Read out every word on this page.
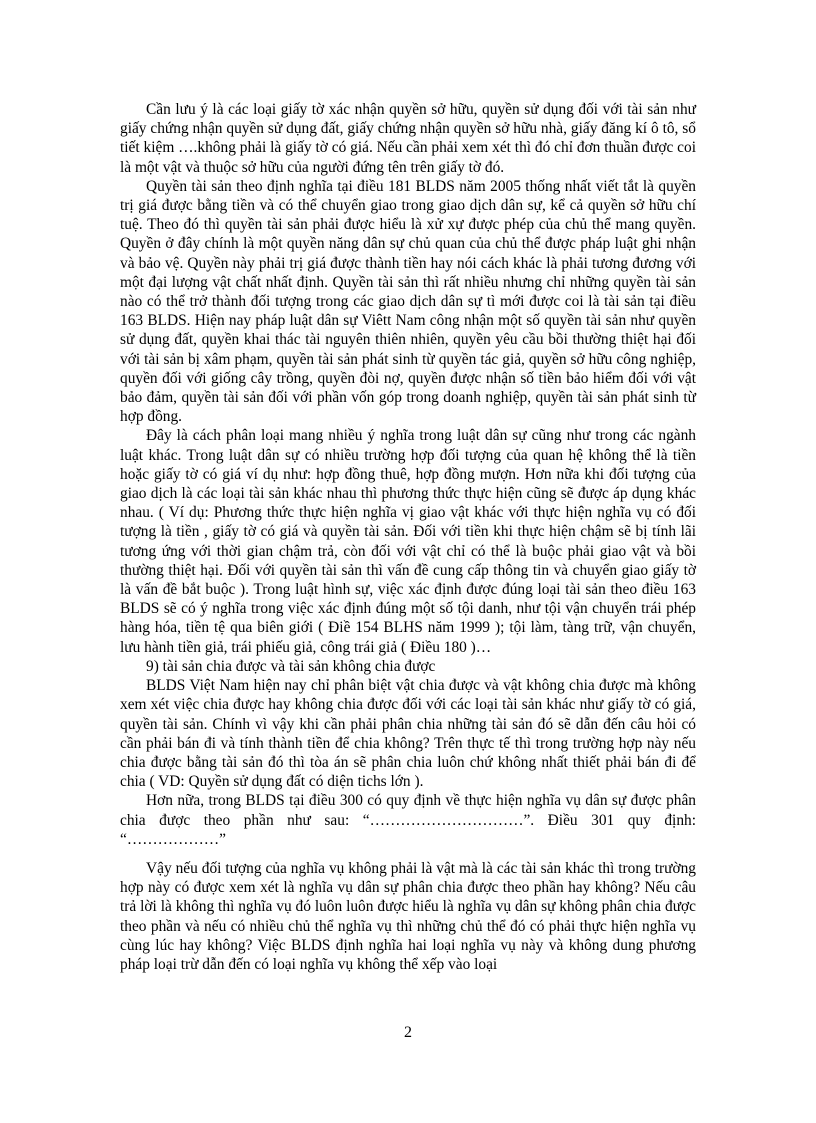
Cần lưu ý là các loại giấy tờ xác nhận quyền sở hữu, quyền sử dụng đối với tài sản như giấy chứng nhận quyền sử dụng đất, giấy chứng nhận quyền sở hữu nhà, giấy đăng kí ô tô, sổ tiết kiệm ….không phải là giấy tờ có giá. Nếu cần phải xem xét thì đó chỉ đơn thuần được coi là một vật và thuộc sở hữu của người đứng tên trên giấy tờ đó.

Quyền tài sản theo định nghĩa tại điều 181 BLDS năm 2005 thống nhất viết tắt là quyền trị giá được bằng tiền và có thể chuyển giao trong giao dịch dân sự, kể cả quyền sở hữu chí tuệ. Theo đó thì quyền tài sản phải được hiểu là xử xự được phép của chủ thể mang quyền. Quyền ở đây chính là một quyền năng dân sự chủ quan của chủ thể được pháp luật ghi nhận và bảo vệ. Quyền này phải trị giá được thành tiền hay nói cách khác là phải tương đương với một đại lượng vật chất nhất định. Quyền tài sản thì rất nhiều nhưng chỉ những quyền tài sản nào có thể trở thành đối tượng trong các giao dịch dân sự tì mới được coi là tài sản tại điều 163 BLDS. Hiện nay pháp luật dân sự Viêtt Nam công nhận một số quyền tài sản như quyền sử dụng đất, quyền khai thác tài nguyên thiên nhiên, quyền yêu cầu bồi thường thiệt hại đối với tài sản bị xâm phạm, quyền tài sản phát sinh từ quyền tác giả, quyền sở hữu công nghiệp, quyền đối với giống cây trồng, quyền đòi nợ, quyền được nhận số tiền bảo hiểm đối với vật bảo đảm, quyền tài sản đối với phần vốn góp trong doanh nghiệp, quyền tài sản phát sinh từ hợp đồng.

Đây là cách phân loại mang nhiều ý nghĩa trong luật dân sự cũng như trong các ngành luật khác. Trong luật dân sự có nhiều trường hợp đối tượng của quan hệ không thể là tiền hoặc giấy tờ có giá ví dụ như: hợp đồng thuê, hợp đồng mượn. Hơn nữa khi đối tượng của giao dịch là các loại tài sản khác nhau thì phương thức thực hiện cũng sẽ được áp dụng khác nhau. ( Ví dụ: Phương thức thực hiện nghĩa vị giao vật khác với thực hiện nghĩa vụ có đối tượng là tiền , giấy tờ có giá và quyền tài sản. Đối với tiền khi thực hiện chậm sẽ bị tính lãi tương ứng với thời gian chậm trả, còn đối với vật chỉ có thể là buộc phải giao vật và bồi thường thiệt hại. Đối với quyền tài sản thì vấn đề cung cấp thông tin và chuyển giao giấy tờ là vấn đề bắt buộc ). Trong luật hình sự, việc xác định được đúng loại tài sản theo điều 163 BLDS sẽ có ý nghĩa trong việc xác định đúng một số tội danh, như tội vận chuyển trái phép hàng hóa, tiền tệ qua biên giới ( Điề 154 BLHS năm 1999 ); tội làm, tàng trữ, vận chuyển, lưu hành tiền giả, trái phiếu giả, công trái giả ( Điều 180 )…

9) tài sản chia được và tài sản không chia được

BLDS Việt Nam hiện nay chỉ phân biệt vật chia được và vật không chia được mà không xem xét việc chia được hay không chia được đối với các loại tài sản khác như giấy tờ có giá, quyền tài sản. Chính vì vậy khi cần phải phân chia những tài sản đó sẽ dẫn đến câu hỏi có cần phải bán đi và tính thành tiền để chia không? Trên thực tế thì trong trường hợp này nếu chia được bằng tài sản đó thì tòa án sẽ phân chia luôn chứ không nhất thiết phải bán đi để chia ( VD: Quyền sử dụng đất có diện tichs lớn ).

Hơn nữa, trong BLDS tại điều 300 có quy định về thực hiện nghĩa vụ dân sự được phân chia được theo phần như sau: “…………………………”. Điều 301 quy định: “………………”

Vậy nếu đối tượng của nghĩa vụ không phải là vật mà là các tài sản khác thì trong trường hợp này có được xem xét là nghĩa vụ dân sự phân chia được theo phần hay không? Nếu câu trả lời là không thì nghĩa vụ đó luôn luôn được hiểu là nghĩa vụ dân sự không phân chia được theo phần và nếu có nhiều chủ thể nghĩa vụ thì những chủ thể đó có phải thực hiện nghĩa vụ cùng lúc hay không? Việc BLDS định nghĩa hai loại nghĩa vụ này và không dung phương pháp loại trừ dẫn đến có loại nghĩa vụ không thể xếp vào loại

2
